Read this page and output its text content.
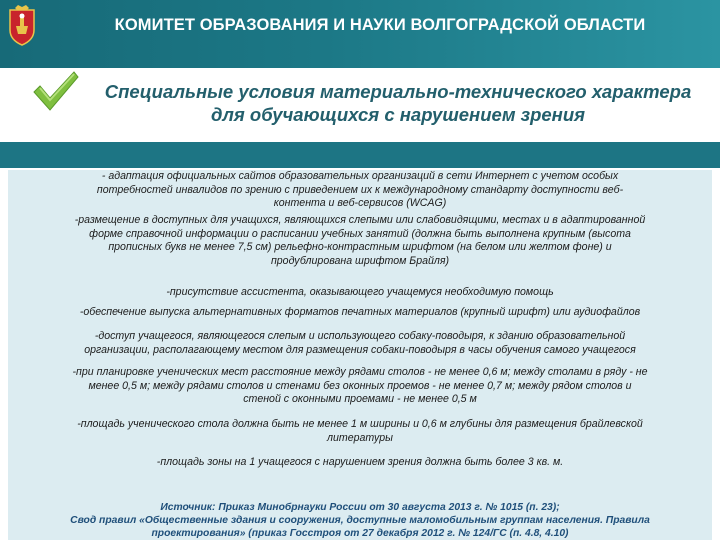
КОМИТЕТ ОБРАЗОВАНИЯ И НАУКИ ВОЛГОГРАДСКОЙ ОБЛАСТИ
Специальные условия материально-технического характера
для обучающихся с нарушением зрения
- адаптация официальных сайтов образовательных организаций в сети Интернет с учетом особых
потребностей инвалидов по зрению с приведением их к международному стандарту доступности веб-
контента и веб-сервисов (WCAG)
-размещение в доступных для учащихся, являющихся слепыми или слабовидящими, местах и в адаптированной
форме справочной информации о расписании учебных занятий (должна быть выполнена крупным (высота
прописных букв не менее 7,5 см) рельефно-контрастным шрифтом (на белом или желтом фоне) и
продублирована шрифтом Брайля)
-присутствие ассистента, оказывающего учащемуся необходимую помощь
-обеспечение выпуска альтернативных форматов печатных материалов (крупный шрифт) или аудиофайлов
-доступ учащегося, являющегося слепым и использующего собаку-поводыря, к зданию образовательной
организации, располагающему местом для размещения собаки-поводыря в часы обучения самого учащегося
-при планировке ученических мест расстояние между рядами столов - не менее 0,6 м; между столами в ряду - не
менее 0,5 м; между рядами столов и стенами без оконных проемов - не менее 0,7 м; между рядом столов и
стеной с оконными проемами - не менее 0,5 м
-площадь ученического стола должна быть не менее 1 м ширины и 0,6 м глубины для размещения брайлевской
литературы
-площадь зоны на 1 учащегося с нарушением зрения должна быть более 3 кв. м.
Источник: Приказ Минобрнауки России от 30 августа 2013 г. № 1015 (п. 23);
Свод правил «Общественные здания и сооружения, доступные маломобильным группам населения. Правила
проектирования» (приказ Госстроя от 27 декабря 2012 г. № 124/ГС (п. 4.8, 4.10)
